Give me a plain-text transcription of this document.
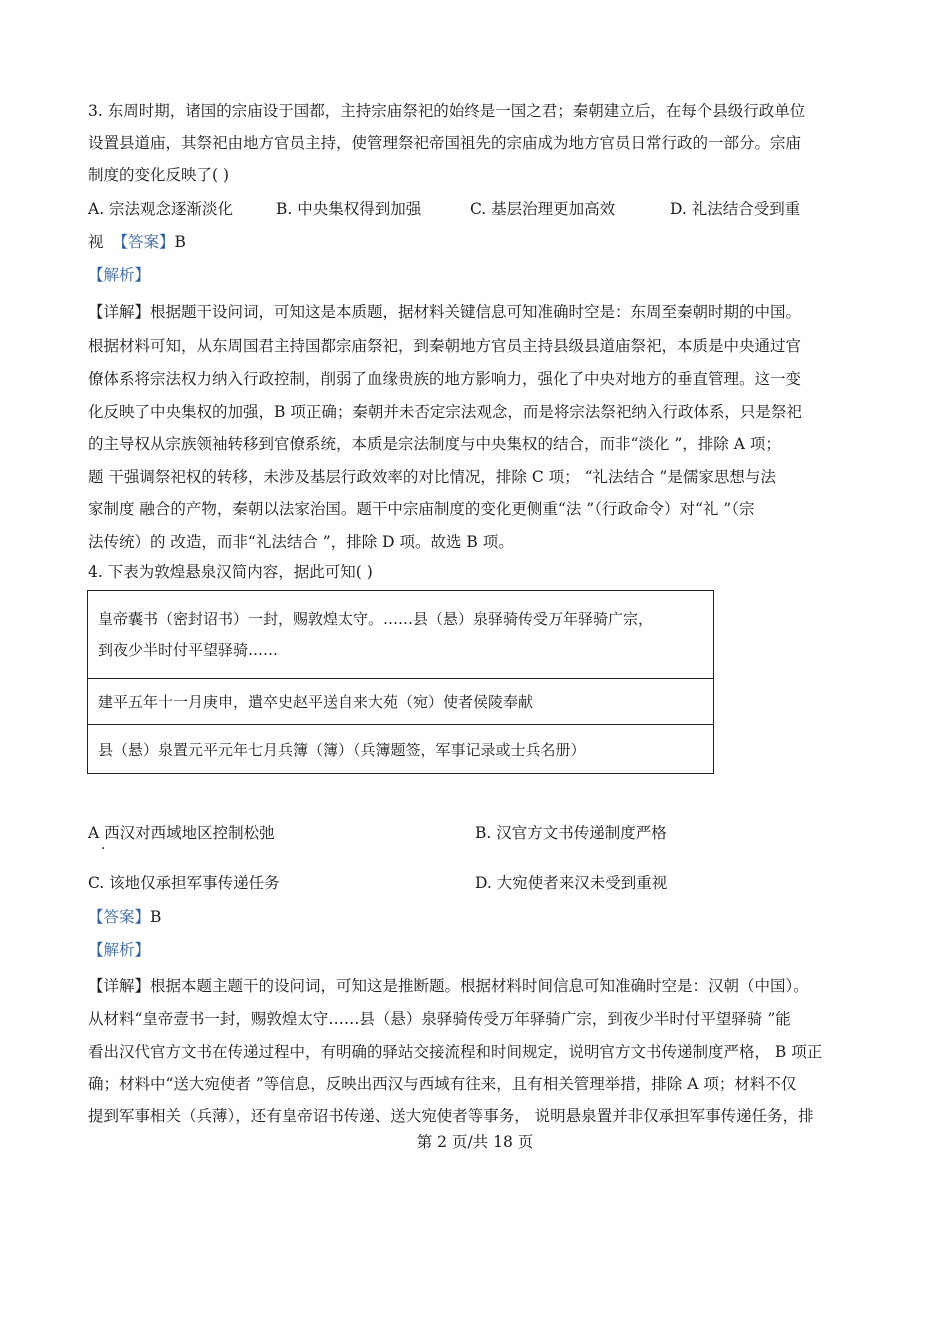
3. 东周时期，诸国的宗庙设于国都，主持宗庙祭祀的始终是一国之君；秦朝建立后，在每个县级行政单位
设置县道庙，其祭祀由地方官员主持，使管理祭祀帝国祖先的宗庙成为地方官员日常行政的一部分。宗庙
制度的变化反映了( )
A. 宗法观念逐渐淡化	B. 中央集权得到加强	C. 基层治理更加高效	D. 礼法结合受到重
视 【答案】B
【解析】
【详解】根据题干设问词，可知这是本质题，据材料关键信息可知准确时空是：东周至秦朝时期的中国。
根据材料可知，从东周国君主持国都宗庙祭祀，到秦朝地方官员主持县级县道庙祭祀，本质是中央通过官
僚体系将宗法权力纳入行政控制，削弱了血缘贵族的地方影响力，强化了中央对地方的垂直管理。这一变
化反映了中央集权的加强，B 项正确；秦朝并未否定宗法观念，而是将宗法祭祀纳入行政体系，只是祭祀
的主导权从宗族领袖转移到官僚系统，本质是宗法制度与中央集权的结合，而非“淡化 ”，排除 A 项；
题 干强调祭祀权的转移，未涉及基层行政效率的对比情况，排除 C 项； “礼法结合 ”是儒家思想与法
家制度 融合的产物，秦朝以法家治国。题干中宗庙制度的变化更侧重“法 ”（行政命令）对“礼 ”（宗
法传统）的 改造，而非“礼法结合 ”，排除 D 项。故选 B 项。
4. 下表为敦煌悬泉汉简内容，据此可知( )
皇帝囊书（密封诏书）一封，赐敦煌太守。……县（悬）泉驿骑传受万年驿骑广宗，
到夜少半时付平望驿骑……

建平五年十一月庚申，遣卒史赵平送自来大苑（宛）使者侯陵奉献

县（悬）泉置元平元年七月兵簿（簿）（兵簿题签，军事记录或士兵名册）
A 西汉对西域地区控制松弛
·
B. 汉官方文书传递制度严格
C. 该地仅承担军事传递任务	D. 大宛使者来汉未受到重视
【答案】B
【解析】
【详解】根据本题主题干的设问词，可知这是推断题。根据材料时间信息可知准确时空是：汉朝（中国）。
从材料“皇帝壹书一封，赐敦煌太守……县（悬）泉驿骑传受万年驿骑广宗，到夜少半时付平望驿骑 ”能
看出汉代官方文书在传递过程中，有明确的驿站交接流程和时间规定，说明官方文书传递制度严格， B 项正
确；材料中“送大宛使者 ”等信息，反映出西汉与西域有往来，且有相关管理举措，排除 A 项；材料不仅
提到军事相关（兵薄），还有皇帝诏书传递、送大宛使者等事务， 说明悬泉置并非仅承担军事传递任务，排
第 2 页/共 18 页
